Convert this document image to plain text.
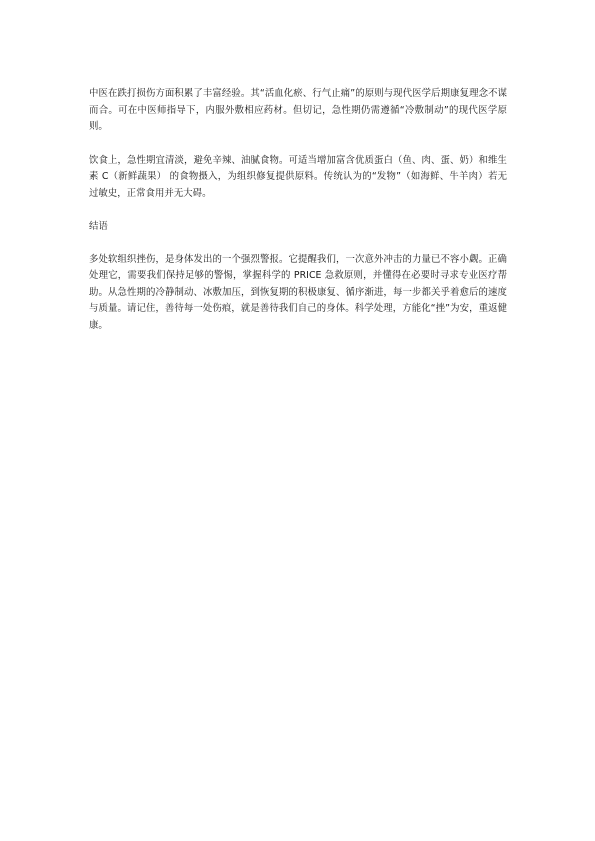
中医在跌打损伤方面积累了丰富经验。其“活血化瘀、行气止痛”的原则与现代医学后期康复理念不谋而合。可在中医师指导下，内服外敷相应药材。但切记，急性期仍需遵循“冷敷制动”的现代医学原则。

饮食上，急性期宜清淡，避免辛辣、油腻食物。可适当增加富含优质蛋白（鱼、肉、蛋、奶）和维生素 C（新鲜蔬果） 的食物摄入，为组织修复提供原料。传统认为的“发物”（如海鲜、牛羊肉）若无过敏史，正常食用并无大碍。

结语

多处软组织挫伤，是身体发出的一个强烈警报。它提醒我们，一次意外冲击的力量已不容小觑。正确处理它，需要我们保持足够的警惕，掌握科学的 PRICE 急救原则，并懂得在必要时寻求专业医疗帮助。从急性期的冷静制动、冰敷加压，到恢复期的积极康复、循序渐进，每一步都关乎着愈后的速度与质量。请记住，善待每一处伤痕，就是善待我们自己的身体。科学处理，方能化“挫”为安，重返健康。
